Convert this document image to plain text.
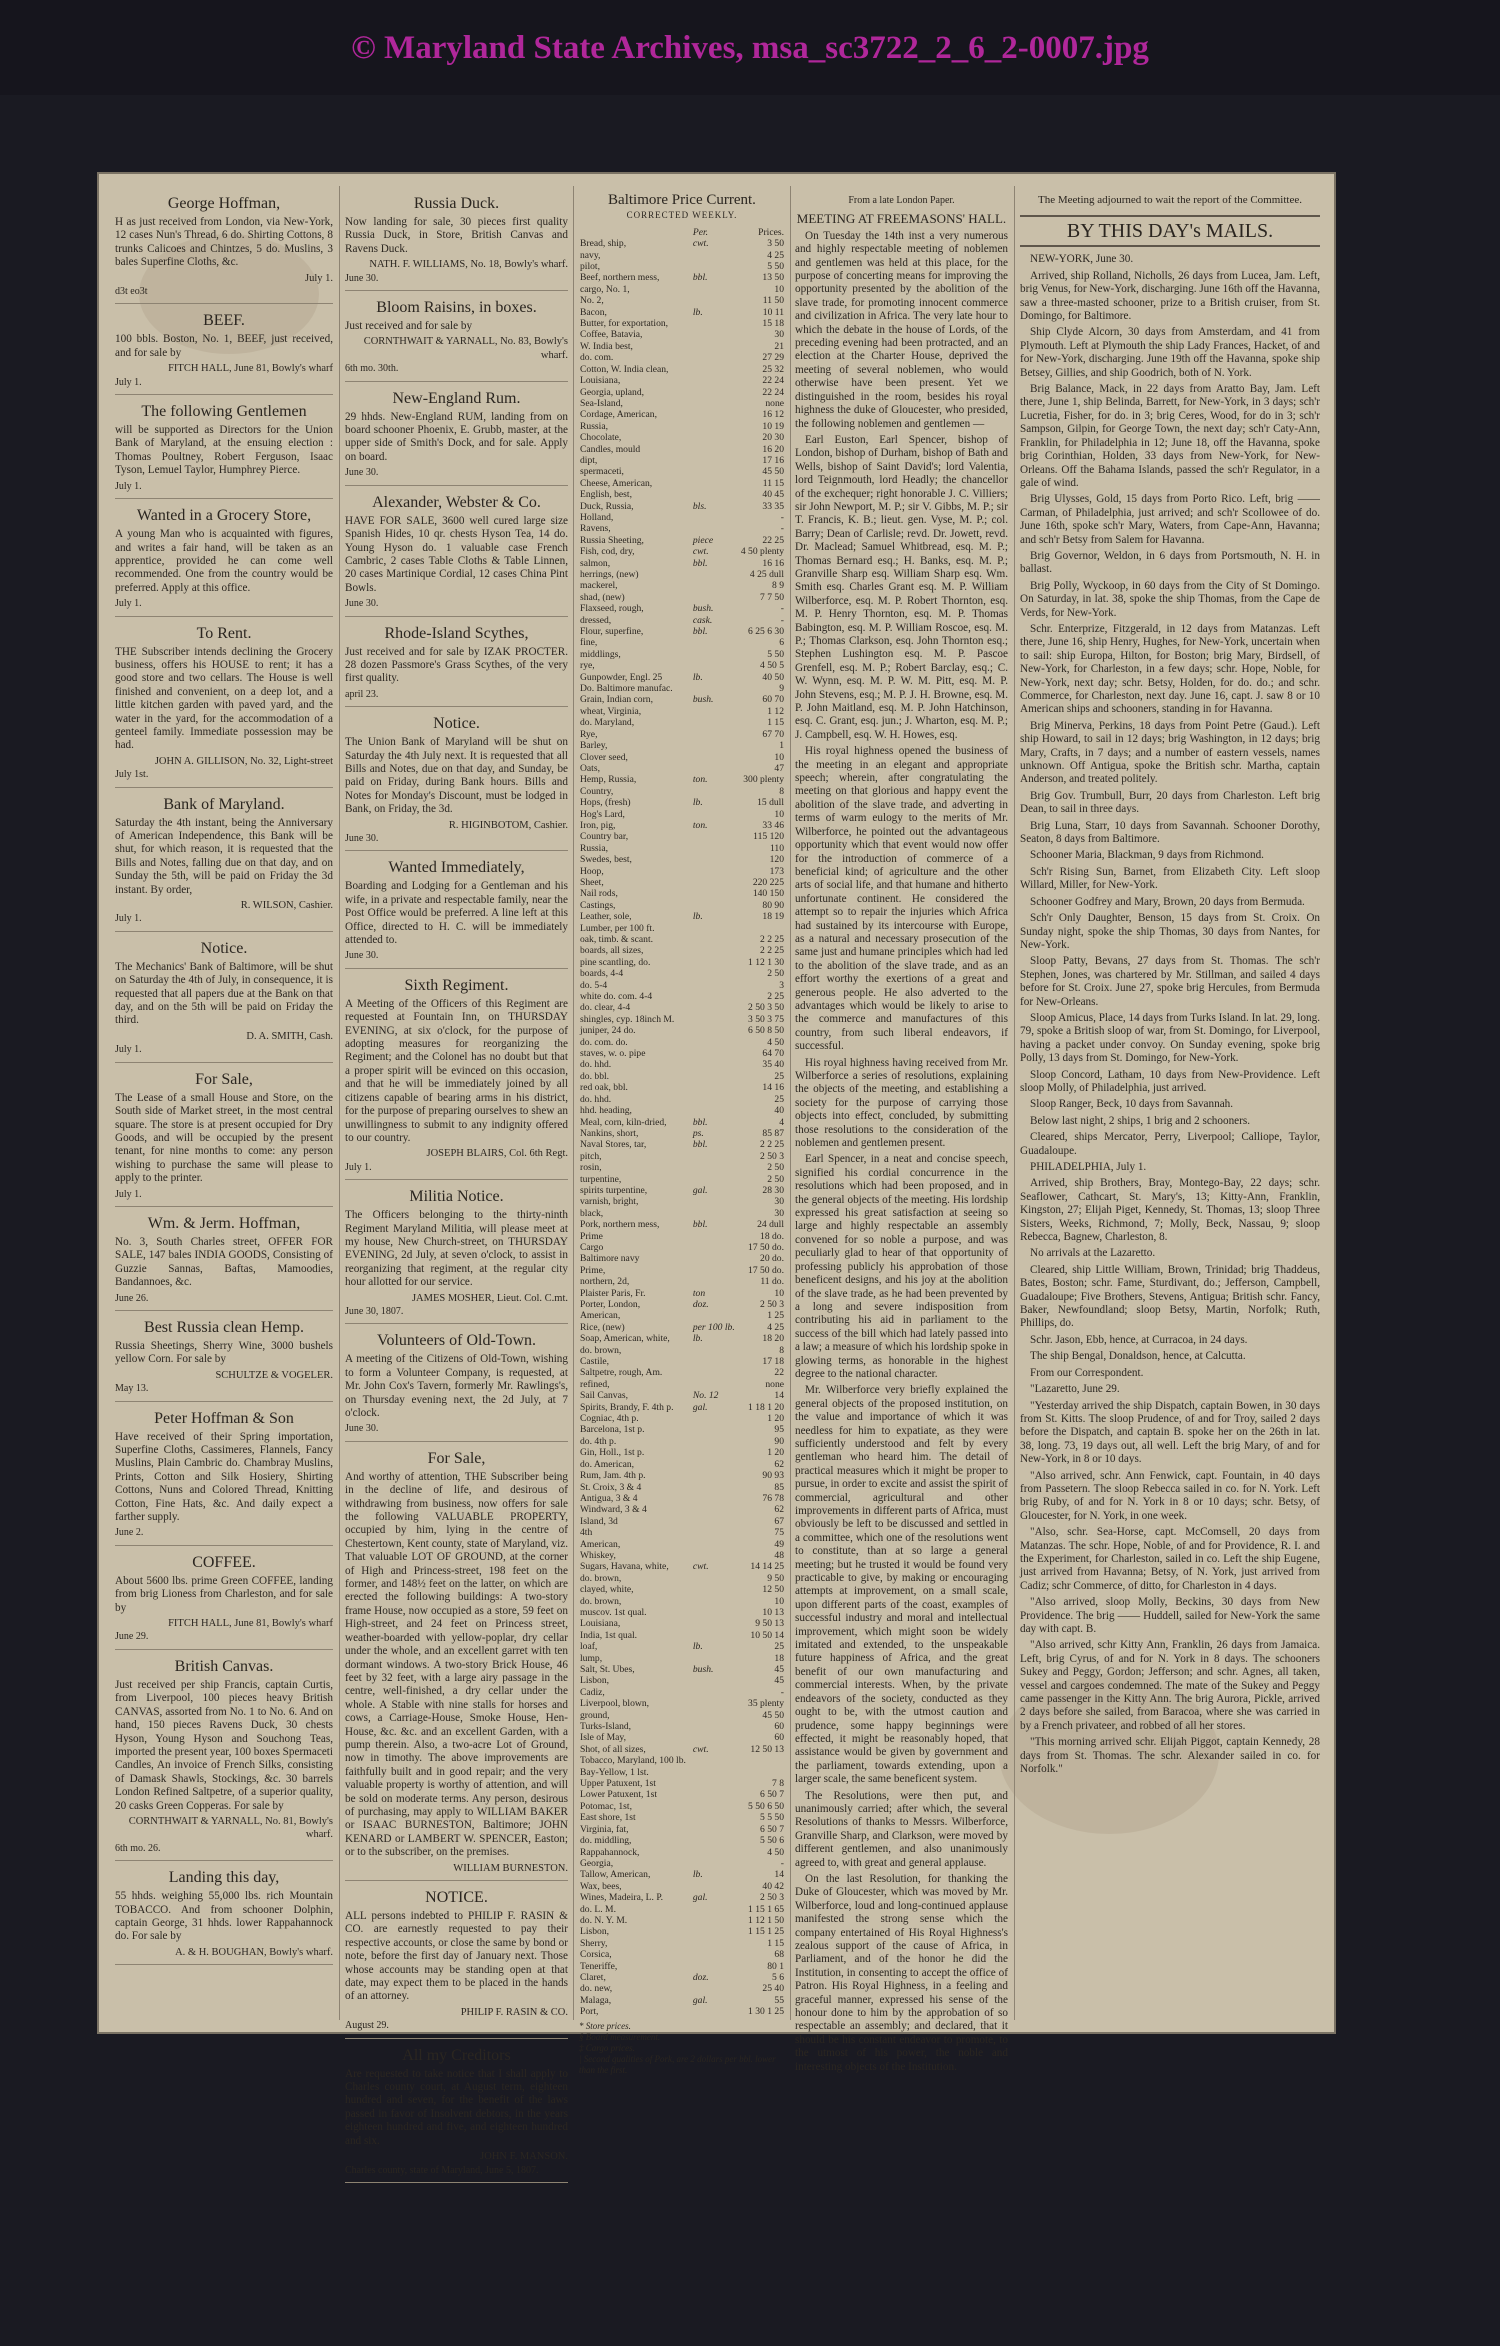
© Maryland State Archives, msa_sc3722_2_6_2-0007.jpg
George Hoffman,

H as just received from London, via New-York, 12 cases Nun's Thread, 6 do. Shirting Cottons, 8 trunks Calicoes and Chintzes, 5 do. Muslins, 3 bales Superfine Cloths, &c.

July 1.
d3t eo3t
BEEF.

100 bbls. Boston, No. 1, BEEF, just received, and for sale by

FITCH HALL, June 81, Bowly's wharf
July 1.
The following Gentlemen

will be supported as Directors for the Union Bank of Maryland, at the ensuing election : Thomas Poultney, Robert Ferguson, Isaac Tyson, Lemuel Taylor, Humphrey Pierce.

July 1.
Wanted in a Grocery Store,

A young Man who is acquainted with figures, and writes a fair hand, will be taken as an apprentice, provided he can come well recommended. One from the country would be preferred. Apply at this office.

July 1.
To Rent.

THE Subscriber intends declining the Grocery business, offers his HOUSE to rent; it has a good store and two cellars. The House is well finished and convenient, on a deep lot, and a little kitchen garden with paved yard, and the water in the yard, for the accommodation of a genteel family. Immediate possession may be had.

JOHN A. GILLISON, No. 32, Light-street
July 1st.
Bank of Maryland.

Saturday the 4th instant, being the Anniversary of American Independence, this Bank will be shut, for which reason, it is requested that the Bills and Notes, falling due on that day, and on Sunday the 5th, will be paid on Friday the 3d instant. By order,

R. WILSON, Cashier.
July 1.
Notice.

The Mechanics' Bank of Baltimore, will be shut on Saturday the 4th of July, in consequence, it is requested that all papers due at the Bank on that day, and on the 5th will be paid on Friday the third.

D. A. SMITH, Cash.
July 1.
For Sale,

The Lease of a small House and Store, on the South side of Market street, in the most central square. The store is at present occupied for Dry Goods, and will be occupied by the present tenant, for nine months to come: any person wishing to purchase the same will please to apply to the printer.

July 1.
Wm. & Jerm. Hoffman,

No. 3, South Charles street, OFFER FOR SALE, 147 bales INDIA GOODS, Consisting of Guzzie Sannas, Baftas, Mamoodies, Bandannoes, &c.

June 26.
Best Russia clean Hemp.

Russia Sheetings, Sherry Wine, 3000 bushels yellow Corn. For sale by

SCHULTZE & VOGELER.
May 13.
Peter Hoffman & Son

Have received of their Spring importation, Superfine Cloths, Cassimeres, Flannels, Fancy Muslins, Plain Cambric do. Chambray Muslins, Prints, Cotton and Silk Hosiery, Shirting Cottons, Nuns and Colored Thread, Knitting Cotton, Fine Hats, &c. And daily expect a farther supply.

June 2.
COFFEE.

About 5600 lbs. prime Green COFFEE, landing from brig Lioness from Charleston, and for sale by

FITCH HALL, June 81, Bowly's wharf
June 29.
British Canvas.

Just received per ship Francis, captain Curtis, from Liverpool, 100 pieces heavy British CANVAS, assorted from No. 1 to No. 6. And on hand, 150 pieces Ravens Duck, 30 chests Hyson, Young Hyson and Souchong Teas, imported the present year, 100 boxes Spermaceti Candles, An invoice of French Silks, consisting of Damask Shawls, Stockings, &c. 30 barrels London Refined Saltpetre, of a superior quality, 20 casks Green Copperas. For sale by

CORNTHWAIT & YARNALL, No. 81, Bowly's wharf.
6th mo. 26.
Landing this day,

55 hhds. weighing 55,000 lbs. rich Mountain TOBACCO. And from schooner Dolphin, captain George, 31 hhds. lower Rappahannock do. For sale by

A. & H. BOUGHAN, Bowly's wharf.
Russia Duck.

Now landing for sale, 30 pieces first quality Russia Duck, in Store, British Canvas and Ravens Duck.

NATH. F. WILLIAMS, No. 18, Bowly's wharf.
June 30.
Bloom Raisins, in boxes.

Just received and for sale by

CORNTHWAIT & YARNALL, No. 83, Bowly's wharf.
6th mo. 30th.
New-England Rum.

29 hhds. New-England RUM, landing from on board schooner Phoenix, E. Grubb, master, at the upper side of Smith's Dock, and for sale. Apply on board.

June 30.
Alexander, Webster & Co.

HAVE FOR SALE, 3600 well cured large size Spanish Hides, 10 qr. chests Hyson Tea, 14 do. Young Hyson do. 1 valuable case French Cambric, 2 cases Table Cloths & Table Linnen, 20 cases Martinique Cordial, 12 cases China Pint Bowls.

June 30.
Rhode-Island Scythes,

Just received and for sale by IZAK PROCTER. 28 dozen Passmore's Grass Scythes, of the very first quality.

april 23.
Notice.

The Union Bank of Maryland will be shut on Saturday the 4th July next. It is requested that all Bills and Notes, due on that day, and Sunday, be paid on Friday, during Bank hours. Bills and Notes for Monday's Discount, must be lodged in Bank, on Friday, the 3d.

R. HIGINBOTOM, Cashier.
June 30.
Wanted Immediately,

Boarding and Lodging for a Gentleman and his wife, in a private and respectable family, near the Post Office would be preferred. A line left at this Office, directed to H. C. will be immediately attended to.

June 30.
Sixth Regiment.

A Meeting of the Officers of this Regiment are requested at Fountain Inn, on THURSDAY EVENING, at six o'clock, for the purpose of adopting measures for reorganizing the Regiment; and the Colonel has no doubt but that a proper spirit will be evinced on this occasion, and that he will be immediately joined by all citizens capable of bearing arms in his district, for the purpose of preparing ourselves to shew an unwillingness to submit to any indignity offered to our country.

JOSEPH BLAIRS, Col. 6th Regt.
July 1.
Militia Notice.

The Officers belonging to the thirty-ninth Regiment Maryland Militia, will please meet at my house, New Church-street, on THURSDAY EVENING, 2d July, at seven o'clock, to assist in reorganizing that regiment, at the regular city hour allotted for our service.

JAMES MOSHER, Lieut. Col. C.mt.
June 30, 1807.
Volunteers of Old-Town.

A meeting of the Citizens of Old-Town, wishing to form a Volunteer Company, is requested, at Mr. John Cox's Tavern, formerly Mr. Rawlings's, on Thursday evening next, the 2d July, at 7 o'clock.

June 30.
For Sale,

And worthy of attention, THE Subscriber being in the decline of life, and desirous of withdrawing from business, now offers for sale the following VALUABLE PROPERTY, occupied by him, lying in the centre of Chestertown, Kent county, state of Maryland, viz. That valuable LOT OF GROUND, at the corner of High and Princess-street, 198 feet on the former, and 148½ feet on the latter, on which are erected the following buildings: A two-story frame House, now occupied as a store, 59 feet on High-street, and 24 feet on Princess street, weather-boarded with yellow-poplar, dry cellar under the whole, and an excellent garret with ten dormant windows. A two-story Brick House, 46 feet by 32 feet, with a large airy passage in the centre, well-finished, a dry cellar under the whole. A Stable with nine stalls for horses and cows, a Carriage-House, Smoke House, Hen-House, &c. &c. and an excellent Garden, with a pump therein. Also, a two-acre Lot of Ground, now in timothy. The above improvements are faithfully built and in good repair; and the very valuable property is worthy of attention, and will be sold on moderate terms. Any person, desirous of purchasing, may apply to WILLIAM BAKER or ISAAC BURNESTON, Baltimore; JOHN KENARD or LAMBERT W. SPENCER, Easton; or to the subscriber, on the premises.

WILLIAM BURNESTON.
NOTICE.

ALL persons indebted to PHILIP F. RASIN & CO. are earnestly requested to pay their respective accounts, or close the same by bond or note, before the first day of January next. Those whose accounts may be standing open at that date, may expect them to be placed in the hands of an attorney.

PHILIP F. RASIN & CO.
August 29.
All my Creditors

Are requested to take notice that I shall apply to Charles county court, at August term, eighteen hundred and seven, for the benefit of the laws passed in favor of Insolvent debtors, in the years eighteen hundred and five, and eighteen hundred and six.

JOHN F. MANSON.
Charles county, state of Maryland, June 5, 1807.
Baltimore Price Current.
CORRECTED WEEKLY.
	Per.	Prices.
Bread, ship,	cwt.	3 50
navy,		4 25
pilot,		5 50
Beef, northern mess,	bbl.	13 50
cargo, No. 1,		10
No. 2,		11 50
Bacon,	lb.	10 11
Butter, for exportation,		15 18
Coffee, Batavia,		30
W. India best,		21
do. com.		27 29
Cotton, W. India clean,		25 32
Louisiana,		22 24
Georgia, upland,		22 24
Sea-Island,		none
Cordage, American,		16 12
Russia,		10 19
Chocolate,		20 30
Candles, mould		16 20
dipt,		17 16
spermaceti,		45 50
Cheese, American,		11 15
English, best,		40 45
Duck, Russia,	bls.	33 35
Holland,		-
Ravens,		-
Russia Sheeting,	piece	22 25
Fish, cod, dry,	cwt.	4 50 plenty
salmon,	bbl.	16 16
herrings, (new)		4 25 dull
mackerel,		8 9
shad, (new)		7 7 50
Flaxseed, rough,	bush.	-
dressed,	cask.	-
Flour, superfine,	bbl.	6 25 6 30
fine,		6
middlings,		5 50
rye,		4 50 5
Gunpowder, Engl. 25	lb.	40 50
Do. Baltimore manufac.		9
Grain, Indian corn,	bush.	60 70
wheat, Virginia,		1 12
do. Maryland,		1 15
Rye,		67 70
Barley,		1
Clover seed,		10
Oats,		47
Hemp, Russia,	ton.	300 plenty
Country,		8
Hops, (fresh)	lb.	15 dull
Hog's Lard,		10
Iron, pig,	ton.	33 46
Country bar,		115 120
Russia,		110
Swedes, best,		120
Hoop,		173
Sheet,		220 225
Nail rods,		140 150
Castings,		80 90
Leather, sole,	lb.	18 19
Lumber, per 100 ft.		
oak, timb. & scant.		2 2 25
boards, all sizes,		2 2 25
pine scantling, do.		1 12 1 30
boards, 4-4		2 50
do. 5-4		3
white do. com. 4-4		2 25
do. clear, 4-4		2 50 3 50
shingles, cyp. 18inch M.		3 50 3 75
juniper, 24 do.		6 50 8 50
do. com. do.		4 50
staves, w. o. pipe		64 70
do. hhd.		35 40
do. bbl.		25
red oak, bbl.		14 16
do. hhd.		25
hhd. heading,		40
Meal, corn, kiln-dried,	bbl.	4
Nankins, short,	ps.	85 87
Naval Stores, tar,	bbl.	2 2 25
pitch,		2 50 3
rosin,		2 50
turpentine,		2 50
spirits turpentine,	gal.	28 30
varnish, bright,		30
black,		30
Pork, northern mess,	bbl.	24 dull
Prime		18 do.
Cargo		17 50 do.
Baltimore navy		20 do.
Prime,		17 50 do.
northern, 2d,		11 do.
Plaister Paris, Fr.	ton	10
Porter, London,	doz.	2 50 3
American,		1 25
Rice, (new)	per 100 lb.	4 25
Soap, American, white,	lb.	18 20
do. brown,		8
Castile,		17 18
Saltpetre, rough, Am.		22
refined,		none
Sail Canvas,	No. 12	14
Spirits, Brandy, F. 4th p.	gal.	1 18 1 20
Cogniac, 4th p.		1 20
Barcelona, 1st p.		95
do. 4th p.		90
Gin, Holl., 1st p.		1 20
do. American,		62
Rum, Jam. 4th p.		90 93
St. Croix, 3 & 4		85
Antigua, 3 & 4		76 78
Windward, 3 & 4		62
Island, 3d		67
4th		75
American,		49
Whiskey,		48
Sugars, Havana, white,	cwt.	14 14 25
do. brown,		9 50
clayed, white,		12 50
do. brown,		10
muscov. 1st qual.		10 13
Louisiana,		9 50 13
India, 1st qual.		10 50 14
loaf,	lb.	25
lump,		18
Salt, St. Ubes,	bush.	45
Lisbon,		45
Cadiz,		-
Liverpool, blown,		35 plenty
ground,		45 50
Turks-Island,		60
Isle of May,		60
Shot, of all sizes,	cwt.	12 50 13
Tobacco, Maryland, 100 lb.		
Bay-Yellow, 1 lst.		
Upper Patuxent, 1st		7 8
Lower Patuxent, 1st		6 50 7
Potomac, 1st,		5 50 6 50
East shore, 1st		5 5 50
Virginia, fat,		6 50 7
do. middling,		5 50 6
Rappahannock,		4 50
Georgia,		-
Tallow, American,	lb.	14
Wax, bees,		40 42
Wines, Madeira, L. P.	gal.	2 50 3
do. L. M.		1 15 1 65
do. N. Y. M.		1 12 1 50
Lisbon,		1 15 1 25
Sherry,		1 15
Corsica,		68
Teneriffe,		80 1
Claret,	doz.	5 6
do. new,		25 40
Malaga,	gal.	55
Port,		1 30 1 25
* Store prices.
§ Board measurement.
‡ Cargo prices.
| Second qualities of Pork, are 2 dollars per bbl. lower than the first.
From a late London Paper.
MEETING AT FREEMASONS' HALL.

On Tuesday the 14th inst a very numerous and highly respectable meeting of noblemen and gentlemen was held at this place, for the purpose of concerting means for improving the opportunity presented by the abolition of the slave trade, for promoting innocent commerce and civilization in Africa. The very late hour to which the debate in the house of Lords, of the preceding evening had been protracted, and an election at the Charter House, deprived the meeting of several noblemen, who would otherwise have been present. Yet we distinguished in the room, besides his royal highness the duke of Gloucester, who presided, the following noblemen and gentlemen —

Earl Euston, Earl Spencer, bishop of London, bishop of Durham, bishop of Bath and Wells, bishop of Saint David's; lord Valentia, lord Teignmouth, lord Headly; the chancellor of the exchequer; right honorable J. C. Villiers; sir John Newport, M. P.; sir V. Gibbs, M. P.; sir T. Francis, K. B.; lieut. gen. Vyse, M. P.; col. Barry; Dean of Carlisle; revd. Dr. Jowett, revd. Dr. Maclead; Samuel Whitbread, esq. M. P.; Thomas Bernard esq.; H. Banks, esq. M. P.; Granville Sharp esq. William Sharp esq. Wm. Smith esq. Charles Grant esq. M. P. William Wilberforce, esq. M. P. Robert Thornton, esq. M. P. Henry Thornton, esq. M. P. Thomas Babington, esq. M. P. William Roscoe, esq. M. P.; Thomas Clarkson, esq. John Thornton esq.; Stephen Lushington esq. M. P. Pascoe Grenfell, esq. M. P.; Robert Barclay, esq.; C. W. Wynn, esq. M. P. W. M. Pitt, esq. M. P. John Stevens, esq.; M. P. J. H. Browne, esq. M. P. John Maitland, esq. M. P. John Hatchinson, esq. C. Grant, esq. jun.; J. Wharton, esq. M. P.; J. Campbell, esq. W. H. Howes, esq.

His royal highness opened the business of the meeting in an elegant and appropriate speech; wherein, after congratulating the meeting on that glorious and happy event the abolition of the slave trade, and adverting in terms of warm eulogy to the merits of Mr. Wilberforce, he pointed out the advantageous opportunity which that event would now offer for the introduction of commerce of a beneficial kind; of agriculture and the other arts of social life, and that humane and hitherto unfortunate continent. He considered the attempt so to repair the injuries which Africa had sustained by its intercourse with Europe, as a natural and necessary prosecution of the same just and humane principles which had led to the abolition of the slave trade, and as an effort worthy the exertions of a great and generous people. He also adverted to the advantages which would be likely to arise to the commerce and manufactures of this country, from such liberal endeavors, if successful.

His royal highness having received from Mr. Wilberforce a series of resolutions, explaining the objects of the meeting, and establishing a society for the purpose of carrying those objects into effect, concluded, by submitting those resolutions to the consideration of the noblemen and gentlemen present.

Earl Spencer, in a neat and concise speech, signified his cordial concurrence in the resolutions which had been proposed, and in the general objects of the meeting. His lordship expressed his great satisfaction at seeing so large and highly respectable an assembly convened for so noble a purpose, and was peculiarly glad to hear of that opportunity of professing publicly his approbation of those beneficent designs, and his joy at the abolition of the slave trade, as he had been prevented by a long and severe indisposition from contributing his aid in parliament to the success of the bill which had lately passed into a law; a measure of which his lordship spoke in glowing terms, as honorable in the highest degree to the national character.

Mr. Wilberforce very briefly explained the general objects of the proposed institution, on the value and importance of which it was needless for him to expatiate, as they were sufficiently understood and felt by every gentleman who heard him. The detail of practical measures which it might be proper to pursue, in order to excite and assist the spirit of commercial, agricultural and other improvements in different parts of Africa, must obviously be left to be discussed and settled in a committee, which one of the resolutions went to constitute, than at so large a general meeting; but he trusted it would be found very practicable to give, by making or encouraging attempts at improvement, on a small scale, upon different parts of the coast, examples of successful industry and moral and intellectual improvement, which might soon be widely imitated and extended, to the unspeakable future happiness of Africa, and the great benefit of our own manufacturing and commercial interests. When, by the private endeavors of the society, conducted as they ought to be, with the utmost caution and prudence, some happy beginnings were effected, it might be reasonably hoped, that assistance would be given by government and the parliament, towards extending, upon a larger scale, the same beneficent system.

The Resolutions, were then put, and unanimously carried; after which, the several Resolutions of thanks to Messrs. Wilberforce, Granville Sharp, and Clarkson, were moved by different gentlemen, and also unanimously agreed to, with great and general applause.

On the last Resolution, for thanking the Duke of Gloucester, which was moved by Mr. Wilberforce, loud and long-continued applause manifested the strong sense which the company entertained of His Royal Highness's zealous support of the cause of Africa, in Parliament, and of the honor he did the Institution, in consenting to accept the office of Patron. His Royal Highness, in a feeling and graceful manner, expressed his sense of the honour done to him by the approbation of so respectable an assembly; and declared, that it should be his constant endeavor to promote, to the utmost of his power, the noble and interesting objects of the Institution.

The Meeting adjourned to wait the report of the Committee.
BY THIS DAY's MAILS.

NEW-YORK, June 30.

Arrived, ship Rolland, Nicholls, 26 days from Lucea, Jam. Left, brig Venus, for New-York, discharging. June 16th off the Havanna, saw a three-masted schooner, prize to a British cruiser, from St. Domingo, for Baltimore.

Ship Clyde Alcorn, 30 days from Amsterdam, and 41 from Plymouth. Left at Plymouth the ship Lady Frances, Hacket, of and for New-York, discharging. June 19th off the Havanna, spoke ship Betsey, Gillies, and ship Goodrich, both of N. York.

Brig Balance, Mack, in 22 days from Aratto Bay, Jam. Left there, June 1, ship Belinda, Barrett, for New-York, in 3 days; sch'r Lucretia, Fisher, for do. in 3; brig Ceres, Wood, for do in 3; sch'r Sampson, Gilpin, for George Town, the next day; sch'r Caty-Ann, Franklin, for Philadelphia in 12; June 18, off the Havanna, spoke brig Corinthian, Holden, 33 days from New-York, for New-Orleans. Off the Bahama Islands, passed the sch'r Regulator, in a gale of wind.

Brig Ulysses, Gold, 15 days from Porto Rico. Left, brig —— Carman, of Philadelphia, just arrived; and sch'r Scollowee of do. June 16th, spoke sch'r Mary, Waters, from Cape-Ann, Havanna; and sch'r Betsy from Salem for Havanna.

Brig Governor, Weldon, in 6 days from Portsmouth, N. H. in ballast.

Brig Polly, Wyckoop, in 60 days from the City of St Domingo. On Saturday, in lat. 38, spoke the ship Thomas, from the Cape de Verds, for New-York.

Schr. Enterprize, Fitzgerald, in 12 days from Matanzas. Left there, June 16, ship Henry, Hughes, for New-York, uncertain when to sail: ship Europa, Hilton, for Boston; brig Mary, Birdsell, of New-York, for Charleston, in a few days; schr. Hope, Noble, for New-York, next day; schr. Betsy, Holden, for do. do.; and schr. Commerce, for Charleston, next day. June 16, capt. J. saw 8 or 10 American ships and schooners, standing in for Havanna.

Brig Minerva, Perkins, 18 days from Point Petre (Gaud.). Left ship Howard, to sail in 12 days; brig Washington, in 12 days; brig Mary, Crafts, in 7 days; and a number of eastern vessels, names unknown. Off Antigua, spoke the British schr. Martha, captain Anderson, and treated politely.

Brig Gov. Trumbull, Burr, 20 days from Charleston. Left brig Dean, to sail in three days.

Brig Luna, Starr, 10 days from Savannah. Schooner Dorothy, Seaton, 8 days from Baltimore.

Schooner Maria, Blackman, 9 days from Richmond.

Sch'r Rising Sun, Barnet, from Elizabeth City. Left sloop Willard, Miller, for New-York.

Schooner Godfrey and Mary, Brown, 20 days from Bermuda.

Sch'r Only Daughter, Benson, 15 days from St. Croix. On Sunday night, spoke the ship Thomas, 30 days from Nantes, for New-York.

Sloop Patty, Bevans, 27 days from St. Thomas. The sch'r Stephen, Jones, was chartered by Mr. Stillman, and sailed 4 days before for St. Croix. June 27, spoke brig Hercules, from Bermuda for New-Orleans.

Sloop Amicus, Place, 14 days from Turks Island. In lat. 29, long. 79, spoke a British sloop of war, from St. Domingo, for Liverpool, having a packet under convoy. On Sunday evening, spoke brig Polly, 13 days from St. Domingo, for New-York.

Sloop Concord, Latham, 10 days from New-Providence. Left sloop Molly, of Philadelphia, just arrived.

Sloop Ranger, Beck, 10 days from Savannah.

Below last night, 2 ships, 1 brig and 2 schooners.

Cleared, ships Mercator, Perry, Liverpool; Calliope, Taylor, Guadaloupe.

PHILADELPHIA, July 1.

Arrived, ship Brothers, Bray, Montego-Bay, 22 days; schr. Seaflower, Cathcart, St. Mary's, 13; Kitty-Ann, Franklin, Kingston, 27; Elijah Piget, Kennedy, St. Thomas, 13; sloop Three Sisters, Weeks, Richmond, 7; Molly, Beck, Nassau, 9; sloop Rebecca, Bagnew, Charleston, 8.

No arrivals at the Lazaretto.

Cleared, ship Little William, Brown, Trinidad; brig Thaddeus, Bates, Boston; schr. Fame, Sturdivant, do.; Jefferson, Campbell, Guadaloupe; Five Brothers, Stevens, Antigua; British schr. Fancy, Baker, Newfoundland; sloop Betsy, Martin, Norfolk; Ruth, Phillips, do.

Schr. Jason, Ebb, hence, at Curracoa, in 24 days.

The ship Bengal, Donaldson, hence, at Calcutta.

From our Correspondent.

"Lazaretto, June 29.

"Yesterday arrived the ship Dispatch, captain Bowen, in 30 days from St. Kitts. The sloop Prudence, of and for Troy, sailed 2 days before the Dispatch, and captain B. spoke her on the 26th in lat. 38, long. 73, 19 days out, all well. Left the brig Mary, of and for New-York, in 8 or 10 days.

"Also arrived, schr. Ann Fenwick, capt. Fountain, in 40 days from Passetern. The sloop Rebecca sailed in co. for N. York. Left brig Ruby, of and for N. York in 8 or 10 days; schr. Betsy, of Gloucester, for N. York, in one week.

"Also, schr. Sea-Horse, capt. McComsell, 20 days from Matanzas. The schr. Hope, Noble, of and for Providence, R. I. and the Experiment, for Charleston, sailed in co. Left the ship Eugene, just arrived from Havanna; Betsy, of N. York, just arrived from Cadiz; schr Commerce, of ditto, for Charleston in 4 days.

"Also arrived, sloop Molly, Beckins, 30 days from New Providence. The brig —— Huddell, sailed for New-York the same day with capt. B.

"Also arrived, schr Kitty Ann, Franklin, 26 days from Jamaica. Left, brig Cyrus, of and for N. York in 8 days. The schooners Sukey and Peggy, Gordon; Jefferson; and schr. Agnes, all taken, vessel and cargoes condemned. The mate of the Sukey and Peggy came passenger in the Kitty Ann. The brig Aurora, Pickle, arrived 2 days before she sailed, from Baracoa, where she was carried in by a French privateer, and robbed of all her stores.

"This morning arrived schr. Elijah Piggot, captain Kennedy, 28 days from St. Thomas. The schr. Alexander sailed in co. for Norfolk."
